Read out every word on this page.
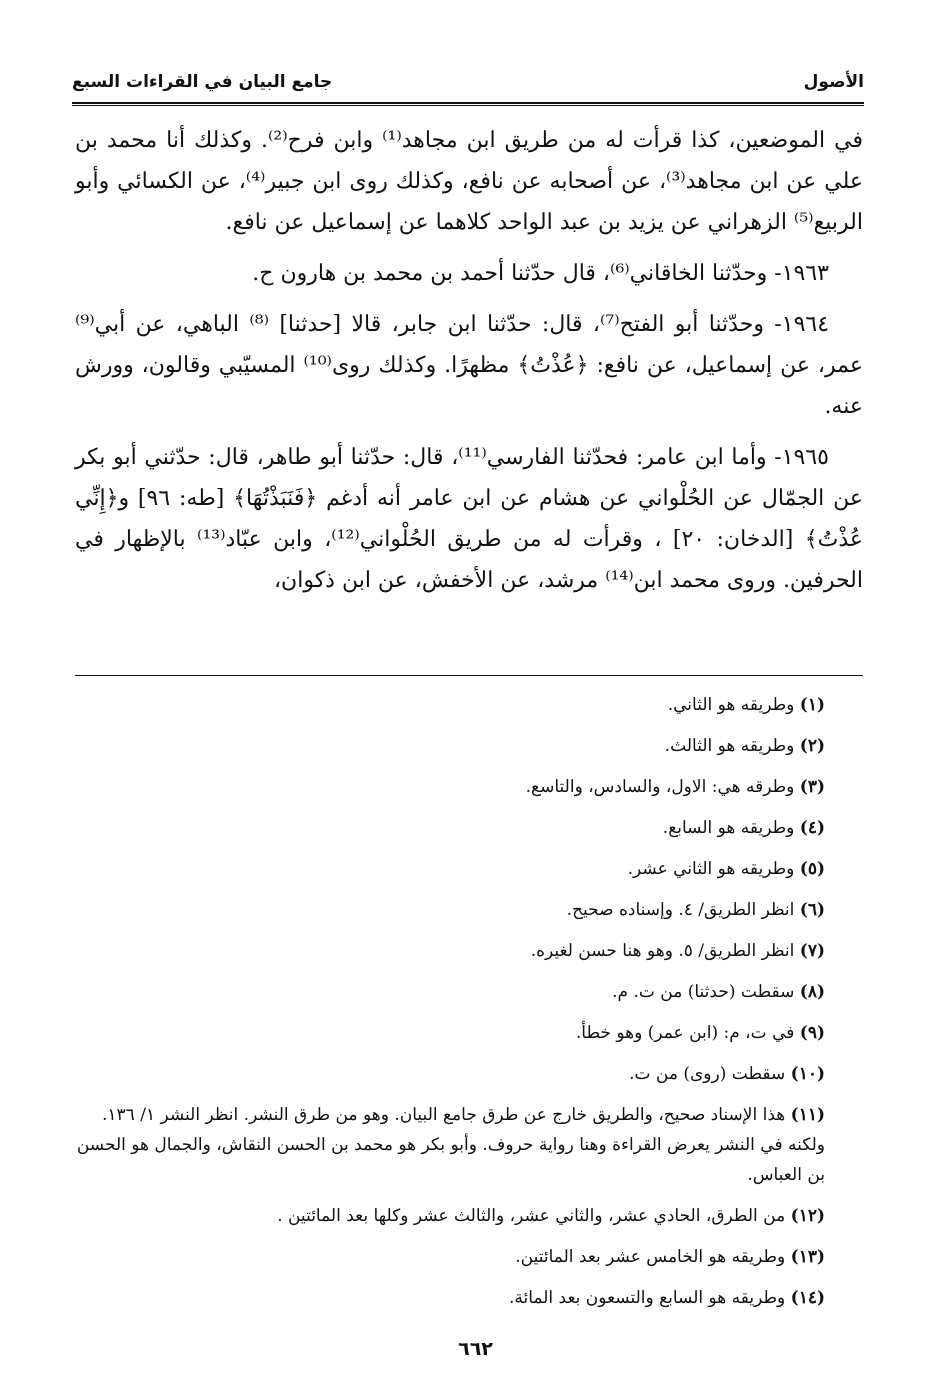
الأصول
جامع البيان في القراءات السبع

في الموضعين، كذا قرأت له من طريق ابن مجاهد⁽¹⁾ وابن فرح⁽²⁾. وكذلك أنا محمد بن علي عن ابن مجاهد⁽³⁾، عن أصحابه عن نافع، وكذلك روى ابن جبير⁽⁴⁾، عن الكسائي وأبو الربيع⁽⁵⁾ الزهراني عن يزيد بن عبد الواحد كلاهما عن إسماعيل عن نافع.

١٩٦٣- وحدّثنا الخاقاني⁽⁶⁾، قال حدّثنا أحمد بن محمد بن هارون ح.

١٩٦٤- وحدّثنا أبو الفتح⁽⁷⁾، قال: حدّثنا ابن جابر، قالا [حدثنا] ⁽⁸⁾ الباهي، عن أبي⁽⁹⁾ عمر، عن إسماعيل، عن نافع: ﴿عُذْتُ﴾ مظهرًا. وكذلك روى⁽¹⁰⁾ المسيّبي وقالون، وورش عنه.

١٩٦٥- وأما ابن عامر: فحدّثنا الفارسي⁽¹¹⁾، قال: حدّثنا أبو طاهر، قال: حدّثني أبو بكر عن الجمّال عن الحُلْواني عن هشام عن ابن عامر أنه أدغم ﴿فَنَبَذْتُهَا﴾ [طه: ٩٦] و﴿إِنِّي عُذْتُ﴾ [الدخان: ٢٠] ، وقرأت له من طريق الحُلْواني⁽¹²⁾، وابن عبّاد⁽¹³⁾ بالإظهار في الحرفين. وروى محمد ابن⁽¹⁴⁾ مرشد، عن الأخفش، عن ابن ذكوان،

(١) وطريقه هو الثاني.
(٢) وطريقه هو الثالث.
(٣) وطرقه هي: الاول، والسادس، والتاسع.
(٤) وطريقه هو السابع.
(٥) وطريقه هو الثاني عشر.
(٦) انظر الطريق/ ٤. وإسناده صحيح.
(٧) انظر الطريق/ ٥. وهو هنا حسن لغيره.
(٨) سقطت (حدثنا) من ت. م.
(٩) في ت، م: (ابن عمر) وهو خطأ.
(١٠) سقطت (روى) من ت.
(١١) هذا الإسناد صحيح، والطريق خارج عن طرق جامع البيان. وهو من طرق النشر. انظر النشر ١/ ١٣٦. ولكنه في النشر يعرض القراءة وهنا رواية حروف. وأبو بكر هو محمد بن الحسن النقاش، والجمال هو الحسن بن العباس.
(١٢) من الطرق، الحادي عشر، والثاني عشر، والثالث عشر وكلها بعد المائتين .
(١٣) وطريقه هو الخامس عشر بعد المائتين.
(١٤) وطريقه هو السابع والتسعون بعد المائة.
٦٦٢
